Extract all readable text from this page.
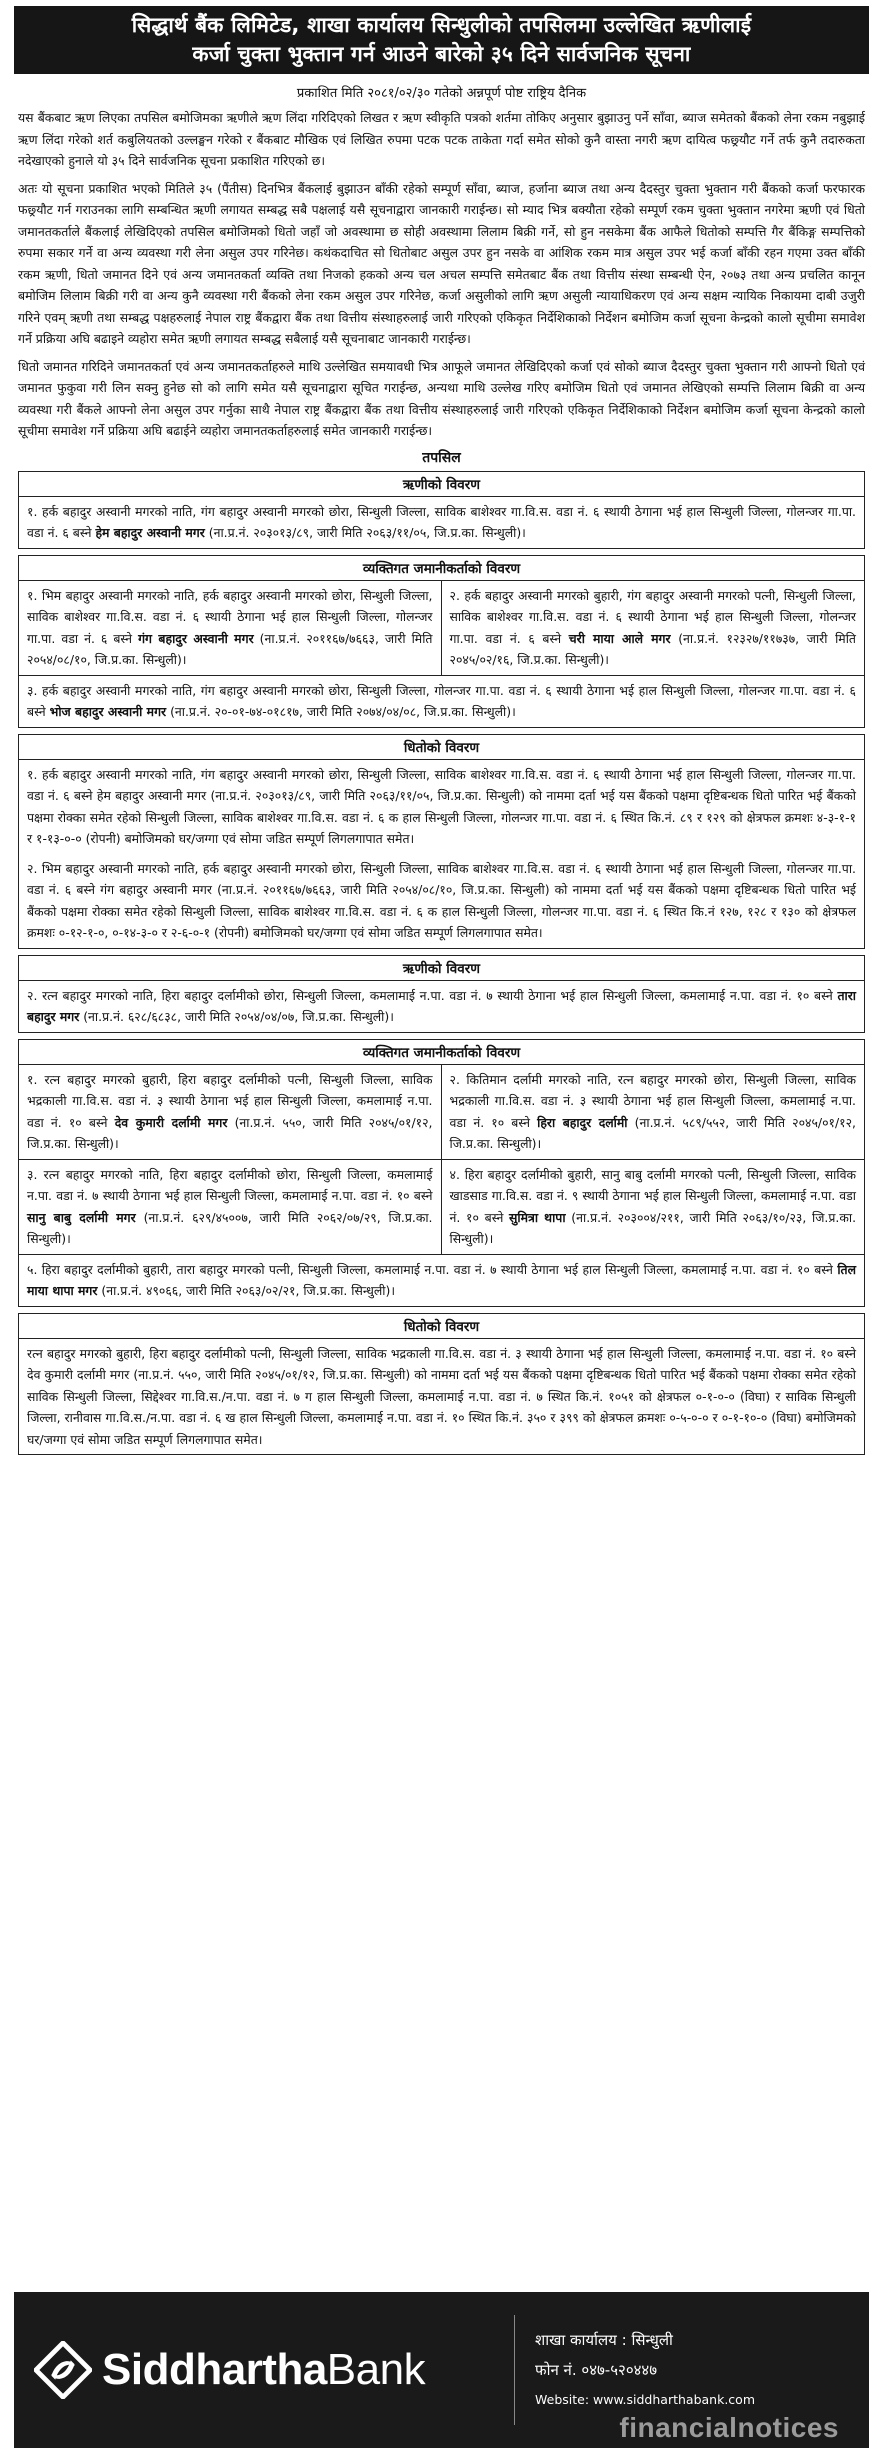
सिद्धार्थ बैंक लिमिटेड, शाखा कार्यालय सिन्धुलीको तपसिलमा उल्लेखित ऋणीलाई
कर्जा चुक्ता भुक्तान गर्न आउने बारेको ३५ दिने सार्वजनिक सूचना
प्रकाशित मिति २०८१/०२/३० गतेको अन्नपूर्ण पोष्ट राष्ट्रिय दैनिक

यस बैंकबाट ऋण लिएका तपसिल बमोजिमका ऋणीले ऋण लिंदा गरिदिएको लिखत र ऋण स्वीकृति पत्रको शर्तमा तोकिए अनुसार बुझाउनु पर्ने साँवा, ब्याज समेतको बैंकको लेना रकम नबुझाई ऋण लिंदा गरेको शर्त कबुलियतको उल्लङ्घन गरेको र बैंकबाट मौखिक एवं लिखित रुपमा पटक पटक ताकेता गर्दा समेत सोको कुनै वास्ता नगरी ऋण दायित्व फछ्र्यौट गर्ने तर्फ कुनै तदारुकता नदेखाएको हुनाले यो ३५ दिने सार्वजनिक सूचना प्रकाशित गरिएको छ।

अतः यो सूचना प्रकाशित भएको मितिले ३५ (पैंतीस) दिनभित्र बैंकलाई बुझाउन बाँकी रहेको सम्पूर्ण साँवा, ब्याज, हर्जाना ब्याज तथा अन्य दैदस्तुर चुक्ता भुक्तान गरी बैंकको कर्जा फरफारक फछ्र्यौट गर्न गराउनका लागि सम्बन्धित ऋणी लगायत सम्बद्ध सबै पक्षलाई यसै सूचनाद्वारा जानकारी गराईन्छ। सो म्याद भित्र बक्यौता रहेको सम्पूर्ण रकम चुक्ता भुक्तान नगरेमा ऋणी एवं धितो जमानतकर्ताले बैंकलाई लेखिदिएको तपसिल बमोजिमको धितो जहाँ जो अवस्थामा छ सोही अवस्थामा लिलाम बिक्री गर्ने, सो हुन नसकेमा बैंक आफैले धितोको सम्पत्ति गैर बैंकिङ्ग सम्पत्तिको रुपमा सकार गर्ने वा अन्य व्यवस्था गरी लेना असुल उपर गरिनेछ। कथंकदाचित सो धितोबाट असुल उपर हुन नसके वा आंशिक रकम मात्र असुल उपर भई कर्जा बाँकी रहन गएमा उक्त बाँकी रकम ऋणी, धितो जमानत दिने एवं अन्य जमानतकर्ता व्यक्ति तथा निजको हकको अन्य चल अचल सम्पत्ति समेतबाट बैंक तथा वित्तीय संस्था सम्बन्धी ऐन, २०७३ तथा अन्य प्रचलित कानून बमोजिम लिलाम बिक्री गरी वा अन्य कुनै व्यवस्था गरी बैंकको लेना रकम असुल उपर गरिनेछ, कर्जा असुलीको लागि ऋण असुली न्यायाधिकरण एवं अन्य सक्षम न्यायिक निकायमा दाबी उजुरी गरिने एवम् ऋणी तथा सम्बद्ध पक्षहरुलाई नेपाल राष्ट्र बैंकद्वारा बैंक तथा वित्तीय संस्थाहरुलाई जारी गरिएको एकिकृत निर्देशिकाको निर्देशन बमोजिम कर्जा सूचना केन्द्रको कालो सूचीमा समावेश गर्ने प्रक्रिया अघि बढाइने व्यहोरा समेत ऋणी लगायत सम्बद्ध सबैलाई यसै सूचनाबाट जानकारी गराईन्छ।

धितो जमानत गरिदिने जमानतकर्ता एवं अन्य जमानतकर्ताहरुले माथि उल्लेखित समयावधी भित्र आफूले जमानत लेखिदिएको कर्जा एवं सोको ब्याज दैदस्तुर चुक्ता भुक्तान गरी आफ्नो धितो एवं जमानत फुकुवा गरी लिन सक्नु हुनेछ सो को लागि समेत यसै सूचनाद्वारा सूचित गराईन्छ, अन्यथा माथि उल्लेख गरिए बमोजिम धितो एवं जमानत लेखिएको सम्पत्ति लिलाम बिक्री वा अन्य व्यवस्था गरी बैंकले आफ्नो लेना असुल उपर गर्नुका साथै नेपाल राष्ट्र बैंकद्वारा बैंक तथा वित्तीय संस्थाहरुलाई जारी गरिएको एकिकृत निर्देशिकाको निर्देशन बमोजिम कर्जा सूचना केन्द्रको कालो सूचीमा समावेश गर्ने प्रक्रिया अघि बढाईने व्यहोरा जमानतकर्ताहरुलाई समेत जानकारी गराईन्छ।

तपसिल
ऋणीको विवरण
१. हर्क बहादुर अस्वानी मगरको नाति, गंग बहादुर अस्वानी मगरको छोरा, सिन्धुली जिल्ला, साविक बाशेश्वर गा.वि.स. वडा नं. ६ स्थायी ठेगाना भई हाल सिन्धुली जिल्ला, गोलन्जर गा.पा. वडा नं. ६ बस्ने हेम बहादुर अस्वानी मगर (ना.प्र.नं. २०३०१३/८९, जारी मिति २०६३/११/०५, जि.प्र.का. सिन्धुली)।
व्यक्तिगत जमानीकर्ताको विवरण
१. भिम बहादुर अस्वानी मगरको नाति, हर्क बहादुर अस्वानी मगरको छोरा, सिन्धुली जिल्ला, साविक बाशेश्वर गा.वि.स. वडा नं. ६ स्थायी ठेगाना भई हाल सिन्धुली जिल्ला, गोलन्जर गा.पा. वडा नं. ६ बस्ने गंग बहादुर अस्वानी मगर (ना.प्र.नं. २०११६७/७६६३, जारी मिति २०५४/०८/१०, जि.प्र.का. सिन्धुली)।
२. हर्क बहादुर अस्वानी मगरको बुहारी, गंग बहादुर अस्वानी मगरको पत्नी, सिन्धुली जिल्ला, साविक बाशेश्वर गा.वि.स. वडा नं. ६ स्थायी ठेगाना भई हाल सिन्धुली जिल्ला, गोलन्जर गा.पा. वडा नं. ६ बस्ने चरी माया आले मगर (ना.प्र.नं. १२३२७/११७३७, जारी मिति २०४५/०२/१६, जि.प्र.का. सिन्धुली)।
३. हर्क बहादुर अस्वानी मगरको नाति, गंग बहादुर अस्वानी मगरको छोरा, सिन्धुली जिल्ला, गोलन्जर गा.पा. वडा नं. ६ स्थायी ठेगाना भई हाल सिन्धुली जिल्ला, गोलन्जर गा.पा. वडा नं. ६ बस्ने भोज बहादुर अस्वानी मगर (ना.प्र.नं. २०-०१-७४-०१८१७, जारी मिति २०७४/०४/०८, जि.प्र.का. सिन्धुली)।
धितोको विवरण
१. हर्क बहादुर अस्वानी मगरको नाति, गंग बहादुर अस्वानी मगरको छोरा, सिन्धुली जिल्ला, साविक बाशेश्वर गा.वि.स. वडा नं. ६ स्थायी ठेगाना भई हाल सिन्धुली जिल्ला, गोलन्जर गा.पा. वडा नं. ६ बस्ने हेम बहादुर अस्वानी मगर (ना.प्र.नं. २०३०१३/८९, जारी मिति २०६३/११/०५, जि.प्र.का. सिन्धुली) को नाममा दर्ता भई यस बैंकको पक्षमा दृष्टिबन्धक धितो पारित भई बैंकको पक्षमा रोक्का समेत रहेको सिन्धुली जिल्ला, साविक बाशेश्वर गा.वि.स. वडा नं. ६ क हाल सिन्धुली जिल्ला, गोलन्जर गा.पा. वडा नं. ६ स्थित कि.नं. ८९ र १२९ को क्षेत्रफल क्रमशः ४-३-१-१ र १-१३-०-० (रोपनी) बमोजिमको घर/जग्गा एवं सोमा जडित सम्पूर्ण लिगलगापात समेत।
२. भिम बहादुर अस्वानी मगरको नाति, हर्क बहादुर अस्वानी मगरको छोरा, सिन्धुली जिल्ला, साविक बाशेश्वर गा.वि.स. वडा नं. ६ स्थायी ठेगाना भई हाल सिन्धुली जिल्ला, गोलन्जर गा.पा. वडा नं. ६ बस्ने गंग बहादुर अस्वानी मगर (ना.प्र.नं. २०११६७/७६६३, जारी मिति २०५४/०८/१०, जि.प्र.का. सिन्धुली) को नाममा दर्ता भई यस बैंकको पक्षमा दृष्टिबन्धक धितो पारित भई बैंकको पक्षमा रोक्का समेत रहेको सिन्धुली जिल्ला, साविक बाशेश्वर गा.वि.स. वडा नं. ६ क हाल सिन्धुली जिल्ला, गोलन्जर गा.पा. वडा नं. ६ स्थित कि.नं १२७, १२८ र १३० को क्षेत्रफल क्रमशः ०-१२-१-०, ०-१४-३-० र २-६-०-१ (रोपनी) बमोजिमको घर/जग्गा एवं सोमा जडित सम्पूर्ण लिगलगापात समेत।
ऋणीको विवरण
२. रत्न बहादुर मगरको नाति, हिरा बहादुर दर्लामीको छोरा, सिन्धुली जिल्ला, कमलामाई न.पा. वडा नं. ७ स्थायी ठेगाना भई हाल सिन्धुली जिल्ला, कमलामाई न.पा. वडा नं. १० बस्ने तारा बहादुर मगर (ना.प्र.नं. ६२८/६८३८, जारी मिति २०५४/०४/०७, जि.प्र.का. सिन्धुली)।
व्यक्तिगत जमानीकर्ताको विवरण
१. रत्न बहादुर मगरको बुहारी, हिरा बहादुर दर्लामीको पत्नी, सिन्धुली जिल्ला, साविक भद्रकाली गा.वि.स. वडा नं. ३ स्थायी ठेगाना भई हाल सिन्धुली जिल्ला, कमलामाई न.पा. वडा नं. १० बस्ने देव कुमारी दर्लामी मगर (ना.प्र.नं. ५५०, जारी मिति २०४५/०१/१२, जि.प्र.का. सिन्धुली)।
२. कितिमान दर्लामी मगरको नाति, रत्न बहादुर मगरको छोरा, सिन्धुली जिल्ला, साविक भद्रकाली गा.वि.स. वडा नं. ३ स्थायी ठेगाना भई हाल सिन्धुली जिल्ला, कमलामाई न.पा. वडा नं. १० बस्ने हिरा बहादुर दर्लामी (ना.प्र.नं. ५८९/५५२, जारी मिति २०४५/०१/१२, जि.प्र.का. सिन्धुली)।
३. रत्न बहादुर मगरको नाति, हिरा बहादुर दर्लामीको छोरा, सिन्धुली जिल्ला, कमलामाई न.पा. वडा नं. ७ स्थायी ठेगाना भई हाल सिन्धुली जिल्ला, कमलामाई न.पा. वडा नं. १० बस्ने सानु बाबु दर्लामी मगर (ना.प्र.नं. ६२९/४५००७, जारी मिति २०६२/०७/२९, जि.प्र.का. सिन्धुली)।
४. हिरा बहादुर दर्लामीको बुहारी, सानु बाबु दर्लामी मगरको पत्नी, सिन्धुली जिल्ला, साविक खाडसाड गा.वि.स. वडा नं. ९ स्थायी ठेगाना भई हाल सिन्धुली जिल्ला, कमलामाई न.पा. वडा नं. १० बस्ने सुमित्रा थापा (ना.प्र.नं. २०३००४/२११, जारी मिति २०६३/१०/२३, जि.प्र.का. सिन्धुली)।
५. हिरा बहादुर दर्लामीको बुहारी, तारा बहादुर मगरको पत्नी, सिन्धुली जिल्ला, कमलामाई न.पा. वडा नं. ७ स्थायी ठेगाना भई हाल सिन्धुली जिल्ला, कमलामाई न.पा. वडा नं. १० बस्ने तिल माया थापा मगर (ना.प्र.नं. ४९०६६, जारी मिति २०६३/०२/२१, जि.प्र.का. सिन्धुली)।
धितोको विवरण
रत्न बहादुर मगरको बुहारी, हिरा बहादुर दर्लामीको पत्नी, सिन्धुली जिल्ला, साविक भद्रकाली गा.वि.स. वडा नं. ३ स्थायी ठेगाना भई हाल सिन्धुली जिल्ला, कमलामाई न.पा. वडा नं. १० बस्ने देव कुमारी दर्लामी मगर (ना.प्र.नं. ५५०, जारी मिति २०४५/०१/१२, जि.प्र.का. सिन्धुली) को नाममा दर्ता भई यस बैंकको पक्षमा दृष्टिबन्धक धितो पारित भई बैंकको पक्षमा रोक्का समेत रहेको साविक सिन्धुली जिल्ला, सिद्देश्वर गा.वि.स./न.पा. वडा नं. ७ ग हाल सिन्धुली जिल्ला, कमलामाई न.पा. वडा नं. ७ स्थित कि.नं. १०५१ को क्षेत्रफल ०-१-०-० (विघा) र साविक सिन्धुली जिल्ला, रानीवास गा.वि.स./न.पा. वडा नं. ६ ख हाल सिन्धुली जिल्ला, कमलामाई न.पा. वडा नं. १० स्थित कि.नं. ३५० र ३९९ को क्षेत्रफल क्रमशः ०-५-०-० र ०-१-१०-० (विघा) बमोजिमको घर/जग्गा एवं सोमा जडित सम्पूर्ण लिगलगापात समेत।
SiddharthaBank
शाखा कार्यालय : सिन्धुली
फोन नं. ०४७-५२०४४७
Website: www.siddharthabank.com
financialnotices
